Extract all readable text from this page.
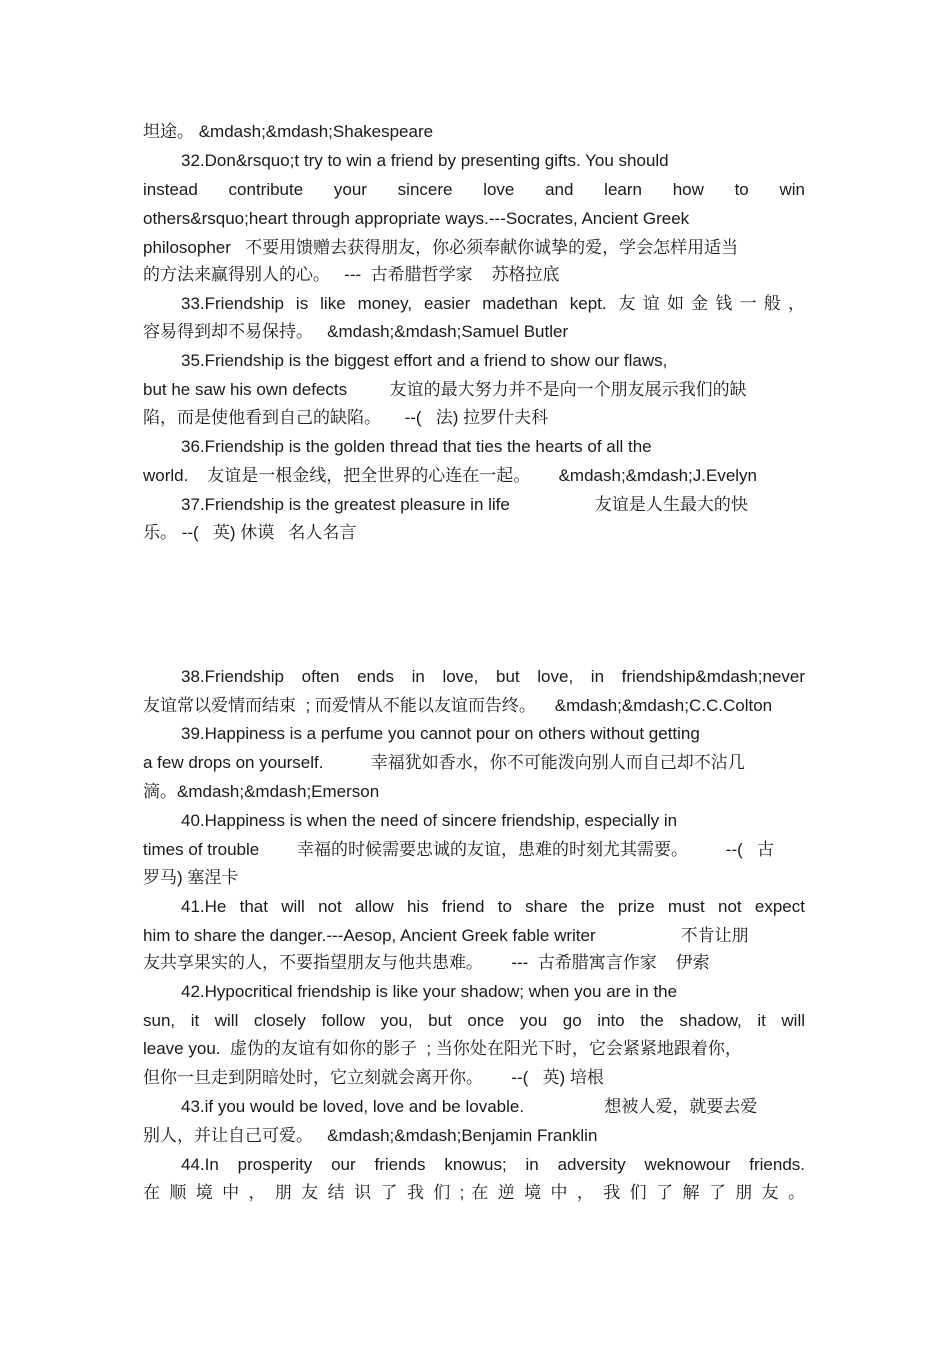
坦途。 &mdash;&mdash;Shakespeare
32.Don&rsquo;t try to win a friend by presenting gifts. You should
instead contribute your sincere love and learn how to win
others&rsquo;heart through appropriate ways.---Socrates, Ancient Greek
philosopher   不要用馈赠去获得朋友，你必须奉献你诚挚的爱，学会怎样用适当
的方法来赢得别人的心。   ---  古希腊哲学家    苏格拉底
33.Friendship is like money, easier madethan kept. 友谊如金钱一般，
容易得到却不易保持。   &mdash;&mdash;Samuel Butler
35.Friendship is the biggest effort and a friend to show our flaws,
but he saw his own defects         友谊的最大努力并不是向一个朋友展示我们的缺
陷，而是使他看到自己的缺陷。     --(   法) 拉罗什夫科
36.Friendship is the golden thread that ties the hearts of all the
world.    友谊是一根金线，把全世界的心连在一起。      &mdash;&mdash;J.Evelyn
37.Friendship is the greatest pleasure in life                  友谊是人生最大的快
乐。 --(   英) 休谟   名人名言
38.Friendship often ends in love, but love, in friendship&mdash;never
友谊常以爱情而结束  ; 而爱情从不能以友谊而告终。    &mdash;&mdash;C.C.Colton
39.Happiness is a perfume you cannot pour on others without getting
a few drops on yourself.          幸福犹如香水，你不可能泼向别人而自己却不沾几
滴。&mdash;&mdash;Emerson
40.Happiness is when the need of sincere friendship, especially in
times of trouble        幸福的时候需要忠诚的友谊，患难的时刻尤其需要。        --(   古
罗马) 塞涅卡
41.He that will not allow his friend to share the prize must not expect
him to share the danger.---Aesop, Ancient Greek fable writer                  不肯让朋
友共享果实的人，不要指望朋友与他共患难。      ---  古希腊寓言作家    伊索
42.Hypocritical friendship is like your shadow; when you are in the
sun, it will closely follow you, but once you go into the shadow, it will
leave you.  虚伪的友谊有如你的影子  ; 当你处在阳光下时，它会紧紧地跟着你，
但你一旦走到阴暗处时，它立刻就会离开你。      --(   英) 培根
43.if you would be loved, love and be lovable.                 想被人爱，就要去爱
别人，并让自己可爱。   &mdash;&mdash;Benjamin Franklin
44.In prosperity our friends knowus; in adversity weknowour friends.
在 顺 境 中 ， 朋 友 结 识 了 我 们 ; 在 逆 境 中 ， 我 们 了 解 了 朋 友 。
